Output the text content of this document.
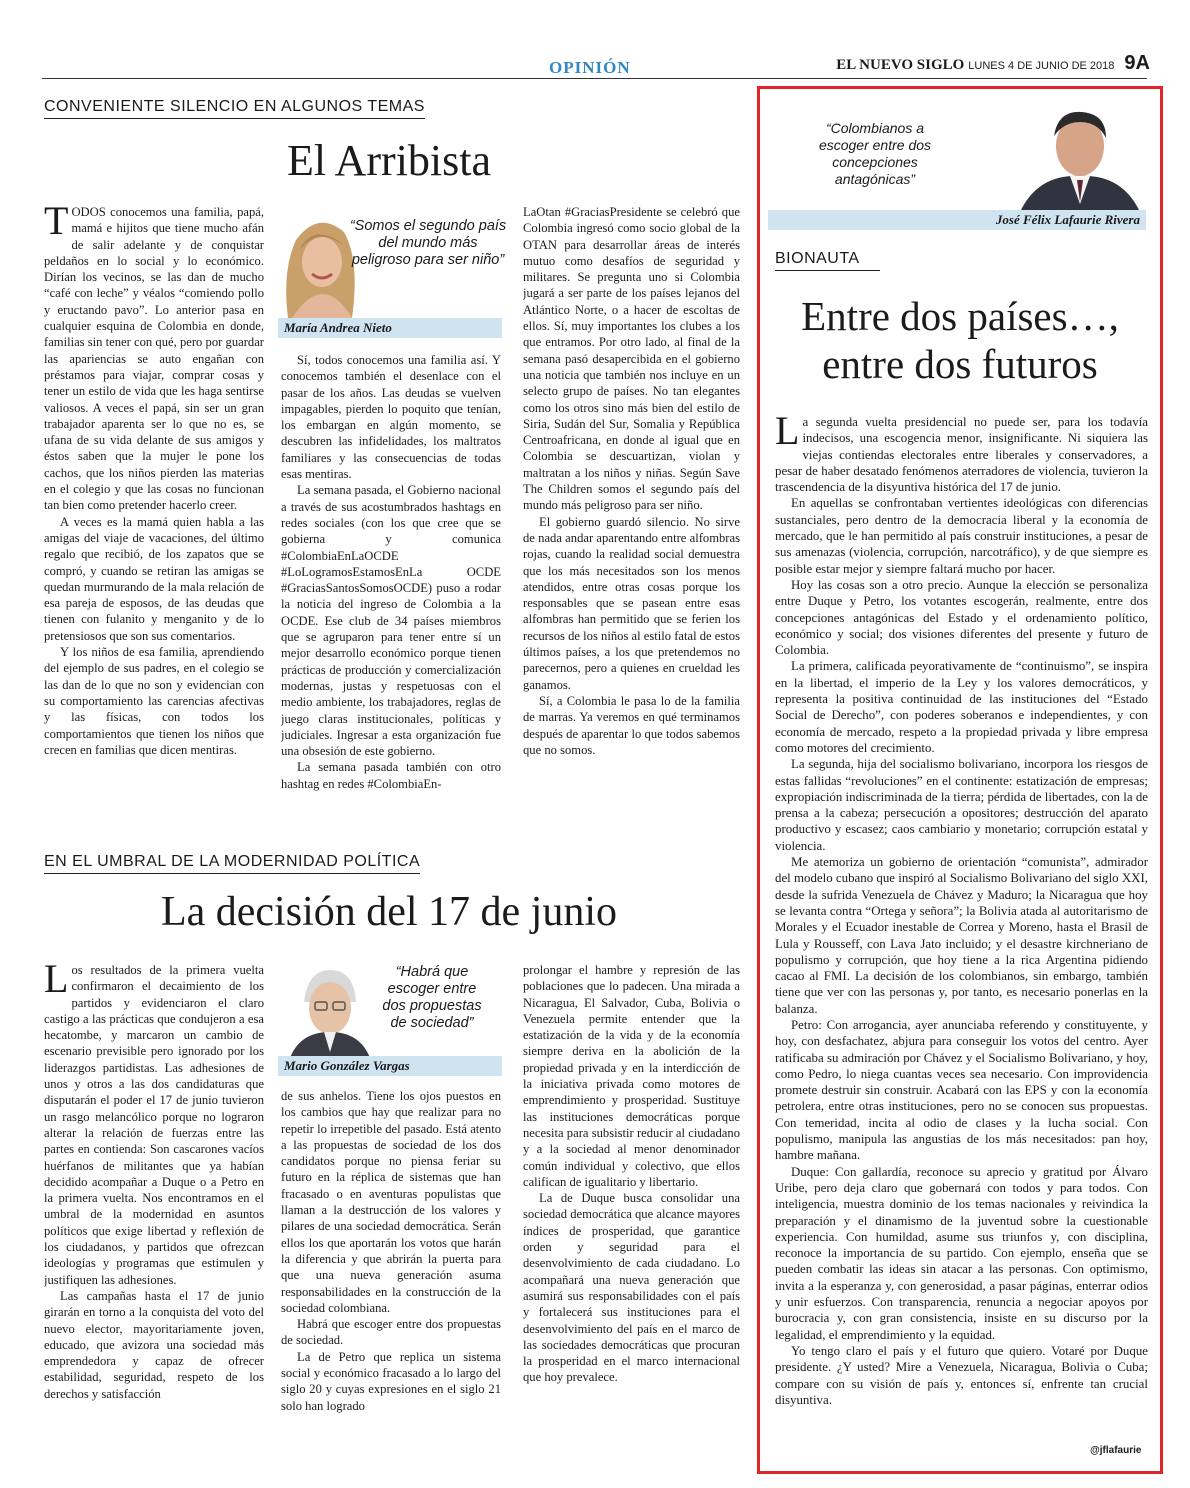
OPINIÓN	EL NUEVO SIGLO LUNES 4 DE JUNIO DE 2018 9A
CONVENIENTE SILENCIO EN ALGUNOS TEMAS
El Arribista

TODOS conocemos una familia, papá, mamá e hijitos que tiene mucho afán de salir adelante y de conquistar peldaños en lo social y lo económico. Dirían los vecinos, se las dan de mucho “café con leche” y véalos “comiendo pollo y eructando pavo”. Lo anterior pasa en cualquier esquina de Colombia en donde, familias sin tener con qué, pero por guardar las apariencias se auto engañan con préstamos para viajar, comprar cosas y tener un estilo de vida que les haga sentirse valiosos. A veces el papá, sin ser un gran trabajador aparenta ser lo que no es, se ufana de su vida delante de sus amigos y éstos saben que la mujer le pone los cachos, que los niños pierden las materias en el colegio y que las cosas no funcionan tan bien como pretender hacerlo creer.

A veces es la mamá quien habla a las amigas del viaje de vacaciones, del último regalo que recibió, de los zapatos que se compró, y cuando se retiran las amigas se quedan murmurando de la mala relación de esa pareja de esposos, de las deudas que tienen con fulanito y menganito y de lo pretensiosos que son sus comentarios.

Y los niños de esa familia, aprendiendo del ejemplo de sus padres, en el colegio se las dan de lo que no son y evidencian con su comportamiento las carencias afectivas y las físicas, con todos los comportamientos que tienen los niños que crecen en familias que dicen mentiras.

“Somos el segundo país del mundo más peligroso para ser niño”
María Andrea Nieto

Sí, todos conocemos una familia así. Y conocemos también el desenlace con el pasar de los años. Las deudas se vuelven impagables, pierden lo poquito que tenían, los embargan en algún momento, se descubren las infidelidades, los maltratos familiares y las consecuencias de todas esas mentiras.

La semana pasada, el Gobierno nacional a través de sus acostumbrados hashtags en redes sociales (con los que cree que se gobierna y comunica #ColombiaEnLaOCDE #LoLogramosEstamosEnLa OCDE #GraciasSantosSomosOCDE) puso a rodar la noticia del ingreso de Colombia a la OCDE. Ese club de 34 países miembros que se agruparon para tener entre sí un mejor desarrollo económico porque tienen prácticas de producción y comercialización modernas, justas y respetuosas con el medio ambiente, los trabajadores, reglas de juego claras institucionales, políticas y judiciales. Ingresar a esta organización fue una obsesión de este gobierno.

La semana pasada también con otro hashtag en redes #ColombiaEn-

LaOtan #GraciasPresidente se celebró que Colombia ingresó como socio global de la OTAN para desarrollar áreas de interés mutuo como desafíos de seguridad y militares. Se pregunta uno si Colombia jugará a ser parte de los países lejanos del Atlántico Norte, o a hacer de escoltas de ellos. Sí, muy importantes los clubes a los que entramos. Por otro lado, al final de la semana pasó desapercibida en el gobierno una noticia que también nos incluye en un selecto grupo de países. No tan elegantes como los otros sino más bien del estilo de Siria, Sudán del Sur, Somalia y República Centroafricana, en donde al igual que en Colombia se descuartizan, violan y maltratan a los niños y niñas. Según Save The Children somos el segundo país del mundo más peligroso para ser niño.

El gobierno guardó silencio. No sirve de nada andar aparentando entre alfombras rojas, cuando la realidad social demuestra que los más necesitados son los menos atendidos, entre otras cosas porque los responsables que se pasean entre esas alfombras han permitido que se ferien los recursos de los niños al estilo fatal de estos últimos países, a los que pretendemos no parecernos, pero a quienes en crueldad les ganamos.

Sí, a Colombia le pasa lo de la familia de marras. Ya veremos en qué terminamos después de aparentar lo que todos sabemos que no somos.

EN EL UMBRAL DE LA MODERNIDAD POLÍTICA
La decisión del 17 de junio

Los resultados de la primera vuelta confirmaron el decaimiento de los partidos y evidenciaron el claro castigo a las prácticas que condujeron a esa hecatombe, y marcaron un cambio de escenario previsible pero ignorado por los liderazgos partidistas. Las adhesiones de unos y otros a las dos candidaturas que disputarán el poder el 17 de junio tuvieron un rasgo melancólico porque no lograron alterar la relación de fuerzas entre las partes en contienda: Son cascarones vacíos huérfanos de militantes que ya habían decidido acompañar a Duque o a Petro en la primera vuelta. Nos encontramos en el umbral de la modernidad en asuntos políticos que exige libertad y reflexión de los ciudadanos, y partidos que ofrezcan ideologías y programas que estimulen y justifiquen las adhesiones.

Las campañas hasta el 17 de junio girarán en torno a la conquista del voto del nuevo elector, mayoritariamente joven, educado, que avizora una sociedad más emprendedora y capaz de ofrecer estabilidad, seguridad, respeto de los derechos y satisfacción

“Habrá que escoger entre dos propuestas de sociedad”
Mario González Vargas

de sus anhelos. Tiene los ojos puestos en los cambios que hay que realizar para no repetir lo irrepetible del pasado. Está atento a las propuestas de sociedad de los dos candidatos porque no piensa feriar su futuro en la réplica de sistemas que han fracasado o en aventuras populistas que llaman a la destrucción de los valores y pilares de una sociedad democrática. Serán ellos los que aportarán los votos que harán la diferencia y que abrirán la puerta para que una nueva generación asuma responsabilidades en la construcción de la sociedad colombiana.

Habrá que escoger entre dos propuestas de sociedad.

La de Petro que replica un sistema social y económico fracasado a lo largo del siglo 20 y cuyas expresiones en el siglo 21 solo han logrado

prolongar el hambre y represión de las poblaciones que lo padecen. Una mirada a Nicaragua, El Salvador, Cuba, Bolivia o Venezuela permite entender que la estatización de la vida y de la economía siempre deriva en la abolición de la propiedad privada y en la interdicción de la iniciativa privada como motores de emprendimiento y prosperidad. Sustituye las instituciones democráticas porque necesita para subsistir reducir al ciudadano y a la sociedad al menor denominador común individual y colectivo, que ellos califican de igualitario y libertario.

La de Duque busca consolidar una sociedad democrática que alcance mayores índices de prosperidad, que garantice orden y seguridad para el desenvolvimiento de cada ciudadano. Lo acompañará una nueva generación que asumirá sus responsabilidades con el país y fortalecerá sus instituciones para el desenvolvimiento del país en el marco de las sociedades democráticas que procuran la prosperidad en el marco internacional que hoy prevalece.

“Colombianos a escoger entre dos concepciones antagónicas”
José Félix Lafaurie Rivera
BIONAUTA
Entre dos países…, entre dos futuros

La segunda vuelta presidencial no puede ser, para los todavía indecisos, una escogencia menor, insignificante. Ni siquiera las viejas contiendas electorales entre liberales y conservadores, a pesar de haber desatado fenómenos aterradores de violencia, tuvieron la trascendencia de la disyuntiva histórica del 17 de junio.

En aquellas se confrontaban vertientes ideológicas con diferencias sustanciales, pero dentro de la democracia liberal y la economía de mercado, que le han permitido al país construir instituciones, a pesar de sus amenazas (violencia, corrupción, narcotráfico), y de que siempre es posible estar mejor y siempre faltará mucho por hacer.

Hoy las cosas son a otro precio. Aunque la elección se personaliza entre Duque y Petro, los votantes escogerán, realmente, entre dos concepciones antagónicas del Estado y el ordenamiento político, económico y social; dos visiones diferentes del presente y futuro de Colombia.

La primera, calificada peyorativamente de “continuismo”, se inspira en la libertad, el imperio de la Ley y los valores democráticos, y representa la positiva continuidad de las instituciones del “Estado Social de Derecho”, con poderes soberanos e independientes, y con economía de mercado, respeto a la propiedad privada y libre empresa como motores del crecimiento.

La segunda, hija del socialismo bolivariano, incorpora los riesgos de estas fallidas “revoluciones” en el continente: estatización de empresas; expropiación indiscriminada de la tierra; pérdida de libertades, con la de prensa a la cabeza; persecución a opositores; destrucción del aparato productivo y escasez; caos cambiario y monetario; corrupción estatal y violencia.

Me atemoriza un gobierno de orientación “comunista”, admirador del modelo cubano que inspiró al Socialismo Bolivariano del siglo XXI, desde la sufrida Venezuela de Chávez y Maduro; la Nicaragua que hoy se levanta contra “Ortega y señora”; la Bolivia atada al autoritarismo de Morales y el Ecuador inestable de Correa y Moreno, hasta el Brasil de Lula y Rousseff, con Lava Jato incluido; y el desastre kirchneriano de populismo y corrupción, que hoy tiene a la rica Argentina pidiendo cacao al FMI. La decisión de los colombianos, sin embargo, también tiene que ver con las personas y, por tanto, es necesario ponerlas en la balanza.

Petro: Con arrogancia, ayer anunciaba referendo y constituyente, y hoy, con desfachatez, abjura para conseguir los votos del centro. Ayer ratificaba su admiración por Chávez y el Socialismo Bolivariano, y hoy, como Pedro, lo niega cuantas veces sea necesario. Con improvidencia promete destruir sin construir. Acabará con las EPS y con la economía petrolera, entre otras instituciones, pero no se conocen sus propuestas. Con temeridad, incita al odio de clases y la lucha social. Con populismo, manipula las angustias de los más necesitados: pan hoy, hambre mañana.

Duque: Con gallardía, reconoce su aprecio y gratitud por Álvaro Uribe, pero deja claro que gobernará con todos y para todos. Con inteligencia, muestra dominio de los temas nacionales y reivindica la preparación y el dinamismo de la juventud sobre la cuestionable experiencia. Con humildad, asume sus triunfos y, con disciplina, reconoce la importancia de su partido. Con ejemplo, enseña que se pueden combatir las ideas sin atacar a las personas. Con optimismo, invita a la esperanza y, con generosidad, a pasar páginas, enterrar odios y unir esfuerzos. Con transparencia, renuncia a negociar apoyos por burocracia y, con gran consistencia, insiste en su discurso por la legalidad, el emprendimiento y la equidad.

Yo tengo claro el país y el futuro que quiero. Votaré por Duque presidente. ¿Y usted? Mire a Venezuela, Nicaragua, Bolivia o Cuba; compare con su visión de país y, entonces sí, enfrente tan crucial disyuntiva.

@jflafaurie
